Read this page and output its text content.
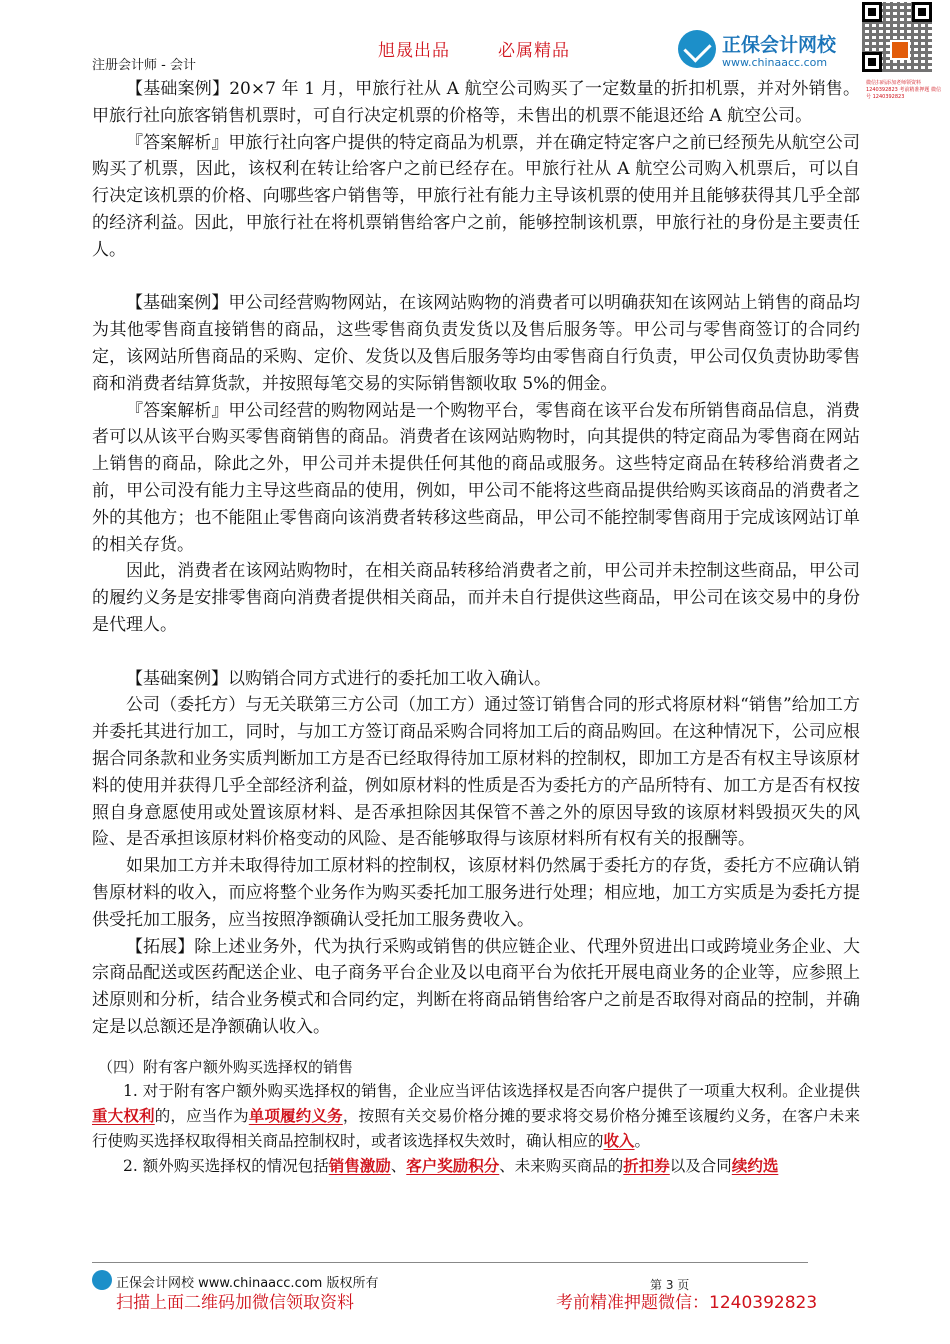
旭晟出品	必属精品
注册会计师 - 会计
正保会计网校
www.chinaacc.com
微信扫码添加老师领资料 1240392823 考前精准押题 微信号 1240392823

【基础案例】20×7 年 1 月，甲旅行社从 A 航空公司购买了一定数量的折扣机票，并对外销售。甲旅行社向旅客销售机票时，可自行决定机票的价格等，未售出的机票不能退还给 A 航空公司。

『答案解析』甲旅行社向客户提供的特定商品为机票，并在确定特定客户之前已经预先从航空公司购买了机票，因此，该权利在转让给客户之前已经存在。甲旅行社从 A 航空公司购入机票后，可以自行决定该机票的价格、向哪些客户销售等，甲旅行社有能力主导该机票的使用并且能够获得其几乎全部的经济利益。因此，甲旅行社在将机票销售给客户之前，能够控制该机票，甲旅行社的身份是主要责任人。

【基础案例】甲公司经营购物网站，在该网站购物的消费者可以明确获知在该网站上销售的商品均为其他零售商直接销售的商品，这些零售商负责发货以及售后服务等。甲公司与零售商签订的合同约定，该网站所售商品的采购、定价、发货以及售后服务等均由零售商自行负责，甲公司仅负责协助零售商和消费者结算货款，并按照每笔交易的实际销售额收取 5%的佣金。

『答案解析』甲公司经营的购物网站是一个购物平台，零售商在该平台发布所销售商品信息，消费者可以从该平台购买零售商销售的商品。消费者在该网站购物时，向其提供的特定商品为零售商在网站上销售的商品，除此之外，甲公司并未提供任何其他的商品或服务。这些特定商品在转移给消费者之前，甲公司没有能力主导这些商品的使用，例如，甲公司不能将这些商品提供给购买该商品的消费者之外的其他方；也不能阻止零售商向该消费者转移这些商品，甲公司不能控制零售商用于完成该网站订单的相关存货。

因此，消费者在该网站购物时，在相关商品转移给消费者之前，甲公司并未控制这些商品，甲公司的履约义务是安排零售商向消费者提供相关商品，而并未自行提供这些商品，甲公司在该交易中的身份是代理人。

【基础案例】以购销合同方式进行的委托加工收入确认。

公司（委托方）与无关联第三方公司（加工方）通过签订销售合同的形式将原材料“销售”给加工方并委托其进行加工，同时，与加工方签订商品采购合同将加工后的商品购回。在这种情况下，公司应根据合同条款和业务实质判断加工方是否已经取得待加工原材料的控制权，即加工方是否有权主导该原材料的使用并获得几乎全部经济利益，例如原材料的性质是否为委托方的产品所特有、加工方是否有权按照自身意愿使用或处置该原材料、是否承担除因其保管不善之外的原因导致的该原材料毁损灭失的风险、是否承担该原材料价格变动的风险、是否能够取得与该原材料所有权有关的报酬等。

如果加工方并未取得待加工原材料的控制权，该原材料仍然属于委托方的存货，委托方不应确认销售原材料的收入，而应将整个业务作为购买委托加工服务进行处理；相应地，加工方实质是为委托方提供受托加工服务，应当按照净额确认受托加工服务费收入。

【拓展】除上述业务外，代为执行采购或销售的供应链企业、代理外贸进出口或跨境业务企业、大宗商品配送或医药配送企业、电子商务平台企业及以电商平台为依托开展电商业务的企业等，应参照上述原则和分析，结合业务模式和合同约定，判断在将商品销售给客户之前是否取得对商品的控制，并确定是以总额还是净额确认收入。

（四）附有客户额外购买选择权的销售

1. 对于附有客户额外购买选择权的销售，企业应当评估该选择权是否向客户提供了一项重大权利。企业提供重大权利的，应当作为单项履约义务，按照有关交易价格分摊的要求将交易价格分摊至该履约义务，在客户未来行使购买选择权取得相关商品控制权时，或者该选择权失效时，确认相应的收入。

2. 额外购买选择权的情况包括销售激励、客户奖励积分、未来购买商品的折扣券以及合同续约选

正保会计网校 www.chinaacc.com 版权所有	第 3 页
扫描上面二维码加微信领取资料	考前精准押题微信：1240392823
